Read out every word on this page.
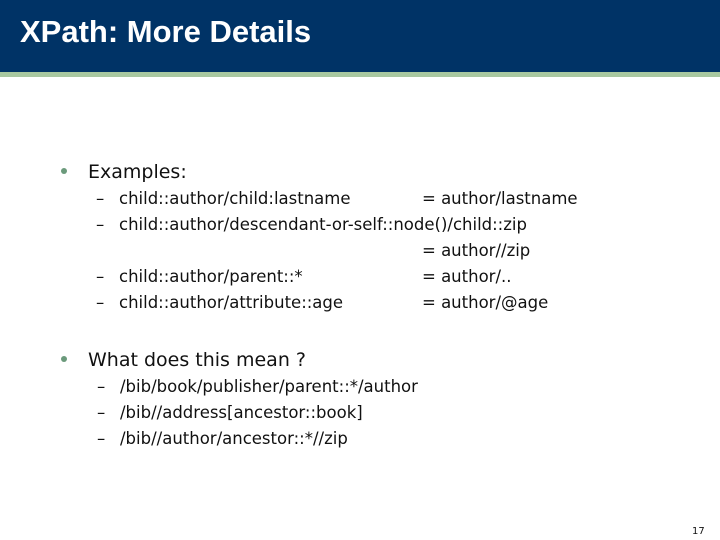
XPath: More Details
Examples:
– child::author/child:lastname	= author/lastname
– child::author/descendant-or-self::node()/child::zip
= author//zip
– child::author/parent::*	= author/..
– child::author/attribute::age	= author/@age
What does this mean ?
– /bib/book/publisher/parent::*/author
– /bib//address[ancestor::book]
– /bib//author/ancestor::*//zip
17
